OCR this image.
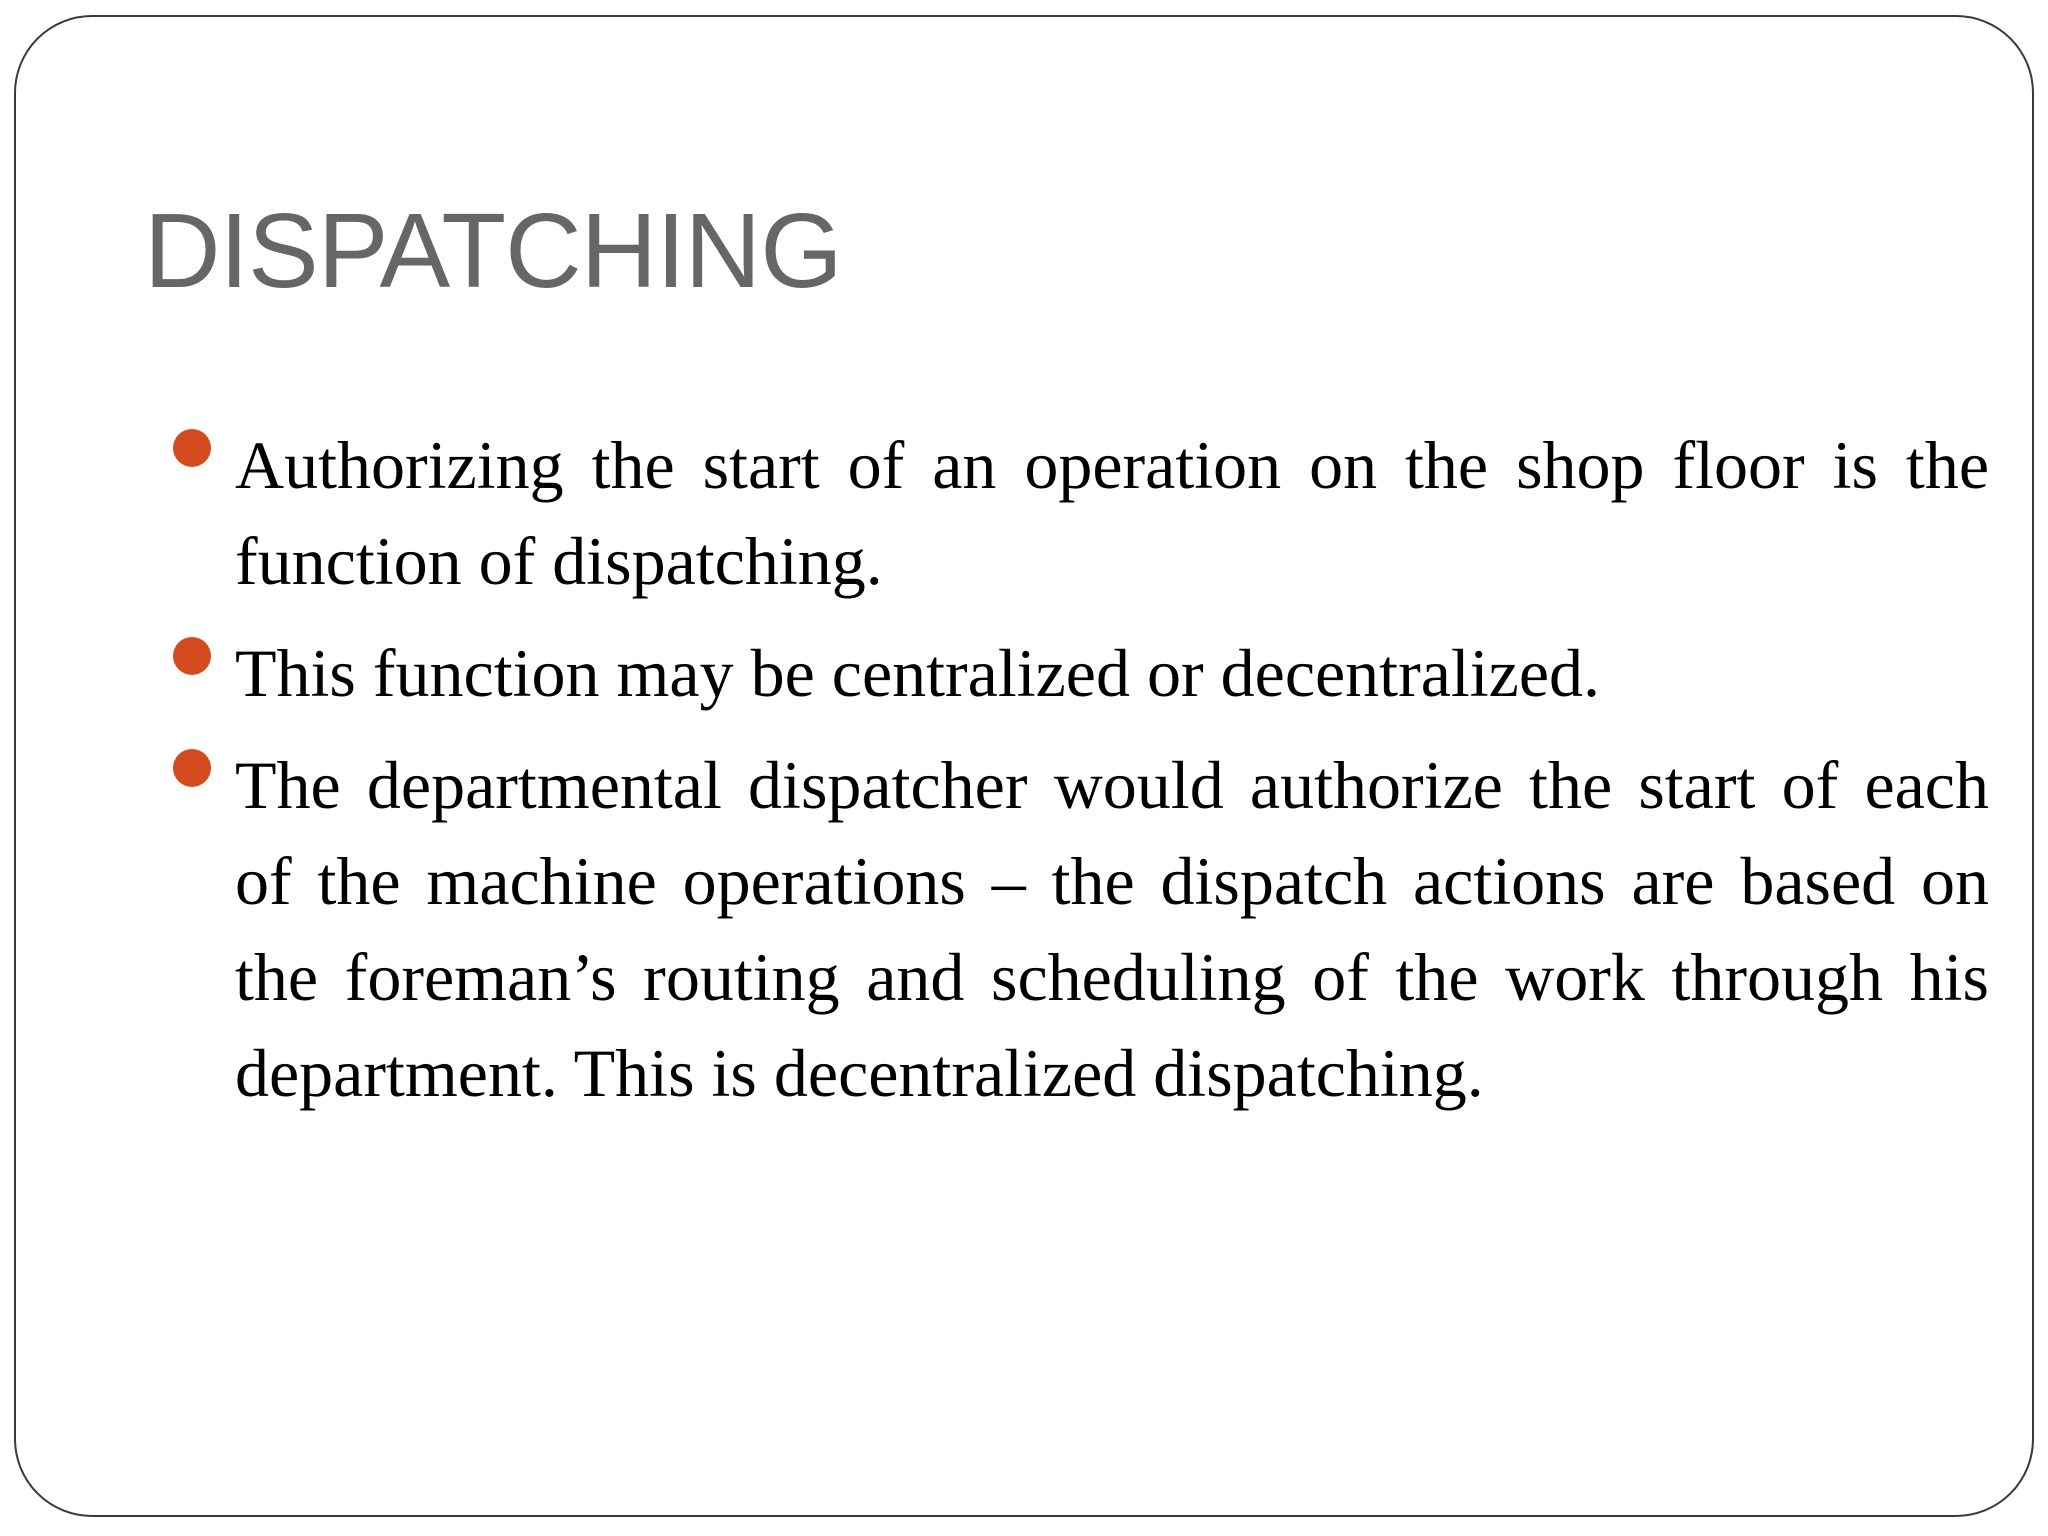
DISPATCHING
Authorizing the start of an operation on the shop floor is the function of dispatching.
This function may be centralized or decentralized.
The departmental dispatcher would authorize the start of each of the machine operations – the dispatch actions are based on the foreman’s routing and scheduling of the work through his department. This is decentralized dispatching.
